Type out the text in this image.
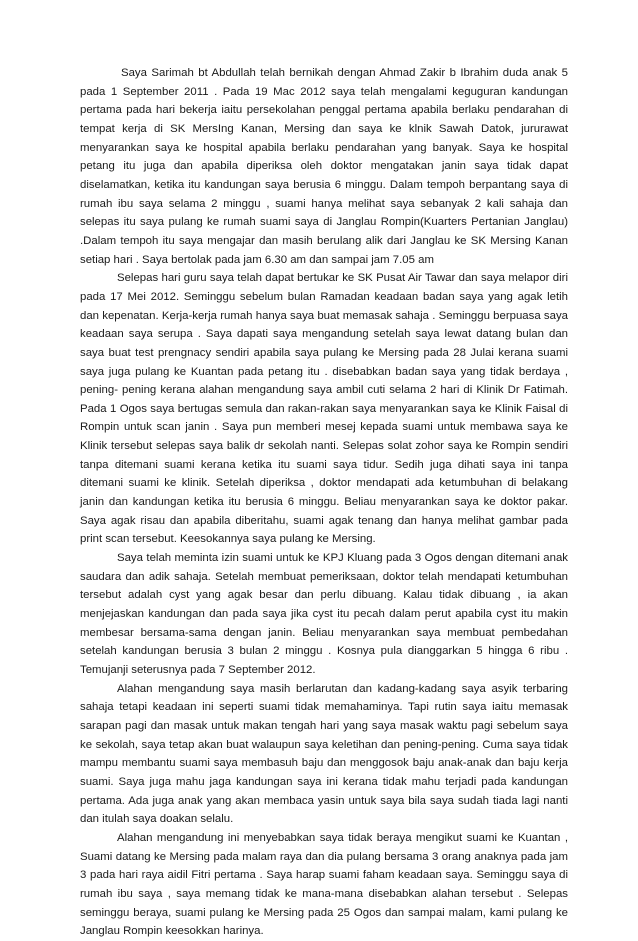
Saya Sarimah bt Abdullah telah bernikah dengan Ahmad Zakir b Ibrahim duda anak 5 pada 1 September 2011 . Pada 19 Mac 2012 saya telah mengalami keguguran kandungan pertama pada hari bekerja iaitu persekolahan penggal pertama apabila berlaku pendarahan di tempat kerja di SK MersIng Kanan, Mersing dan saya ke klnik Sawah Datok, jururawat menyarankan saya ke hospital apabila berlaku pendarahan yang banyak. Saya ke hospital petang itu juga dan apabila diperiksa oleh doktor mengatakan janin saya tidak dapat diselamatkan, ketika itu kandungan saya berusia 6 minggu. Dalam tempoh berpantang saya di rumah ibu saya selama 2 minggu , suami hanya melihat saya sebanyak 2 kali sahaja dan selepas itu saya pulang ke rumah suami saya di Janglau Rompin(Kuarters Pertanian Janglau) .Dalam tempoh itu saya mengajar dan masih berulang alik dari Janglau ke SK Mersing Kanan setiap hari . Saya bertolak pada jam 6.30 am dan sampai jam 7.05 am

Selepas hari guru saya telah dapat bertukar ke SK Pusat Air Tawar dan saya melapor diri pada 17 Mei 2012. Seminggu sebelum bulan Ramadan keadaan badan saya yang agak letih dan kepenatan. Kerja-kerja rumah hanya saya buat memasak sahaja . Seminggu berpuasa saya keadaan saya serupa . Saya dapati saya mengandung setelah saya lewat datang bulan dan saya buat test prengnacy sendiri apabila saya pulang ke Mersing pada 28 Julai kerana suami saya juga pulang ke Kuantan pada petang itu . disebabkan badan saya yang tidak berdaya , pening- pening kerana alahan mengandung saya ambil cuti selama 2 hari di Klinik Dr Fatimah. Pada 1 Ogos saya bertugas semula dan rakan-rakan saya menyarankan saya ke Klinik Faisal di Rompin untuk scan janin . Saya pun memberi mesej kepada suami untuk membawa saya ke Klinik tersebut selepas saya balik dr sekolah nanti. Selepas solat zohor saya ke Rompin sendiri tanpa ditemani suami kerana ketika itu suami saya tidur. Sedih juga dihati saya ini tanpa ditemani suami ke klinik. Setelah diperiksa , doktor mendapati ada ketumbuhan di belakang janin dan kandungan ketika itu berusia 6 minggu. Beliau menyarankan saya ke doktor pakar. Saya agak risau dan apabila diberitahu, suami agak tenang dan hanya melihat gambar pada print scan tersebut. Keesokannya saya pulang ke Mersing.

Saya telah meminta izin suami untuk ke KPJ Kluang pada 3 Ogos dengan ditemani anak saudara dan adik sahaja. Setelah membuat pemeriksaan, doktor telah mendapati ketumbuhan tersebut adalah cyst yang agak besar dan perlu dibuang. Kalau tidak dibuang , ia akan menjejaskan kandungan dan pada saya jika cyst itu pecah dalam perut apabila cyst itu makin membesar bersama-sama dengan janin. Beliau menyarankan saya membuat pembedahan setelah kandungan berusia 3 bulan 2 minggu . Kosnya pula dianggarkan 5 hingga 6 ribu . Temujanji seterusnya pada 7 September 2012.

Alahan mengandung saya masih berlarutan dan kadang-kadang saya asyik terbaring sahaja tetapi keadaan ini seperti suami tidak memahaminya. Tapi rutin saya iaitu memasak sarapan pagi dan masak untuk makan tengah hari yang saya masak waktu pagi sebelum saya ke sekolah, saya tetap akan buat walaupun saya keletihan dan pening-pening. Cuma saya tidak mampu membantu suami saya membasuh baju dan menggosok baju anak-anak dan baju kerja suami. Saya juga mahu jaga kandungan saya ini kerana tidak mahu terjadi pada kandungan pertama. Ada juga anak yang akan membaca yasin untuk saya bila saya sudah tiada lagi nanti dan itulah saya doakan selalu.

Alahan mengandung ini menyebabkan saya tidak beraya mengikut suami ke Kuantan , Suami datang ke Mersing pada malam raya dan dia pulang bersama 3 orang anaknya pada jam 3 pada hari raya aidil Fitri pertama . Saya harap suami faham keadaan saya. Seminggu saya di rumah ibu saya , saya memang tidak ke mana-mana disebabkan alahan tersebut . Selepas seminggu beraya, suami pulang ke Mersing pada 25 Ogos dan sampai malam, kami pulang ke Janglau Rompin keesokkan harinya.
